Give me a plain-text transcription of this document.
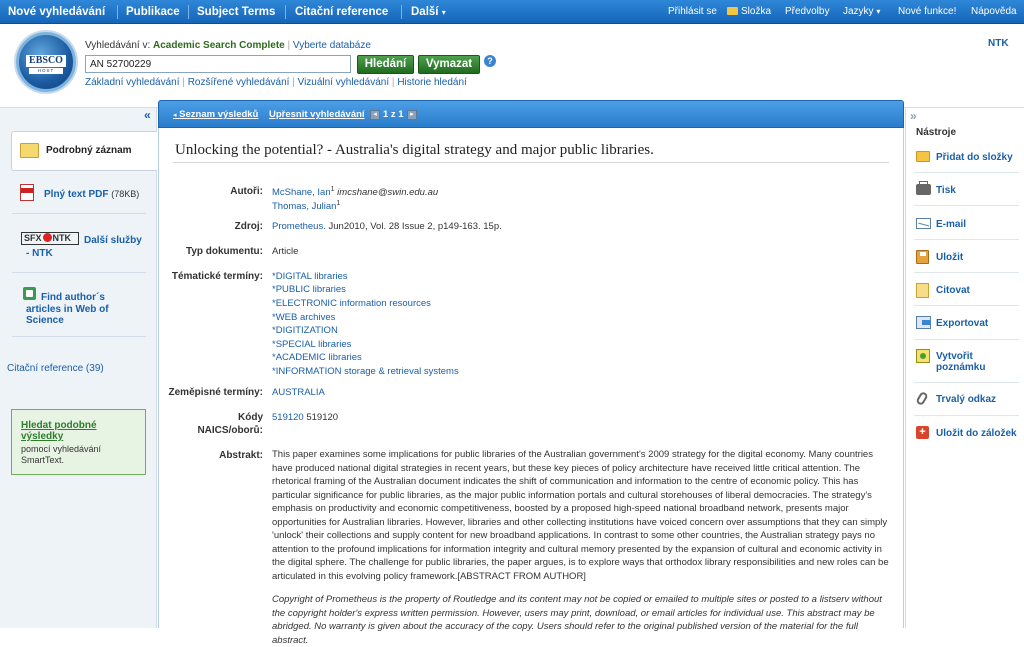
Nové vyhledávání Publikace Subject Terms Citační reference Další ▾	Přihlásit se	Složka Předvolby Jazyky ▾ Nové funkce! Nápověda
EBSCO
HOST
Vyhledávání v: Academic Search Complete | Vyberte databáze
AN 52700229
Hledání	Vymazat	?
Základní vyhledávání | Rozšířené vyhledávání | Vizuální vyhledávání | Historie hledání
NTK
«
Podrobný záznam
Plný text PDF (78KB)
SFX NTK	Další služby
- NTK
Find author´s
articles in Web of
Science
Citační reference (39)
Hledat podobné
výsledky
pomocí vyhledávání
SmartText.
◂ Seznam výsledků Upřesnit vyhledávání	◂ 1 z 1 ▸
Unlocking the potential? - Australia's digital strategy and major public libraries.
Autoři: McShane, Ian$^1$ imcshane@swin.edu.au
Thomas, Julian$^1$
Zdroj: Prometheus. Jun2010, Vol. 28 Issue 2, p149-163. 15p.
Typ dokumentu: Article
Tématické termíny: *DIGITAL libraries
*PUBLIC libraries
*ELECTRONIC information resources
*WEB archives
*DIGITIZATION
*SPECIAL libraries
*ACADEMIC libraries
*INFORMATION storage & retrieval systems
Zeměpisné termíny: AUSTRALIA
Kódy
NAICS/oborů:
519120 519120
Abstrakt: This paper examines some implications for public libraries of the Australian government's 2009 strategy for the digital economy. Many countries have produced national digital strategies in recent years, but these key pieces of policy architecture have received little critical attention. The rhetorical framing of the Australian document indicates the shift of communication and information to the centre of economic policy. This has particular significance for public libraries, as the major public information portals and cultural storehouses of liberal democracies. The strategy's emphasis on productivity and economic competitiveness, boosted by a proposed high-speed national broadband network, presents major opportunities for Australian libraries. However, libraries and other collecting institutions have voiced concern over assumptions that they can simply 'unlock' their collections and supply content for new broadband applications. In contrast to some other countries, the Australian strategy pays no attention to the profound implications for information integrity and cultural memory presented by the expansion of cultural and economic activity in the digital sphere. The challenge for public libraries, the paper argues, is to explore ways that orthodox library responsibilities and new roles can be articulated in this evolving policy framework.[ABSTRACT FROM AUTHOR]
Copyright of Prometheus is the property of Routledge and its content may not be copied or emailed to multiple sites or posted to a listserv without the copyright holder's express written permission. However, users may print, download, or email articles for individual use. This abstract may be abridged. No warranty is given about the accuracy of the copy. Users should refer to the original published version of the material for the full abstract.
»
Nástroje
Přidat do složky
Tisk
E-mail
Uložit
Citovat
Exportovat
Vytvořit
poznámku
Trvalý odkaz
+	Uložit do záložek
